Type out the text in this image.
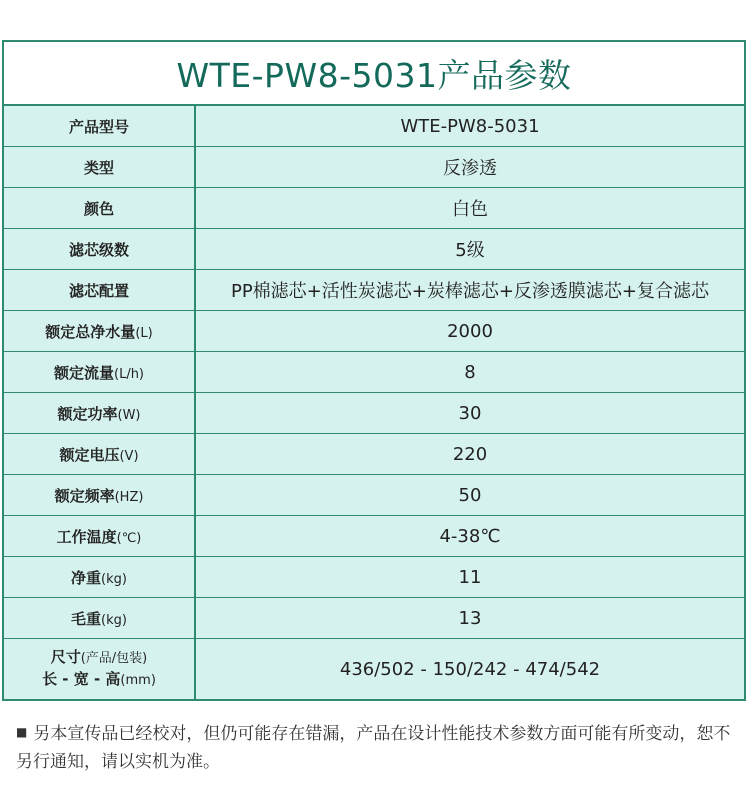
WTE-PW8-5031产品参数
产品型号	WTE-PW8-5031
类型	反渗透
颜色	白色
滤芯级数	5级
滤芯配置	PP棉滤芯+活性炭滤芯+炭棒滤芯+反渗透膜滤芯+复合滤芯
额定总净水量(L)	2000
额定流量(L/h)	8
额定功率(W)	30
额定电压(V)	220
额定频率(HZ)	50
工作温度(℃)	4-38℃
净重(kg)	11
毛重(kg)	13

尺寸(产品/包装)
长 - 宽 - 高(mm)	436/502 - 150/242 - 474/542
■ 另本宣传品已经校对，但仍可能存在错漏，产品在设计性能技术参数方面可能有所变动，恕不另行通知，请以实机为准。
